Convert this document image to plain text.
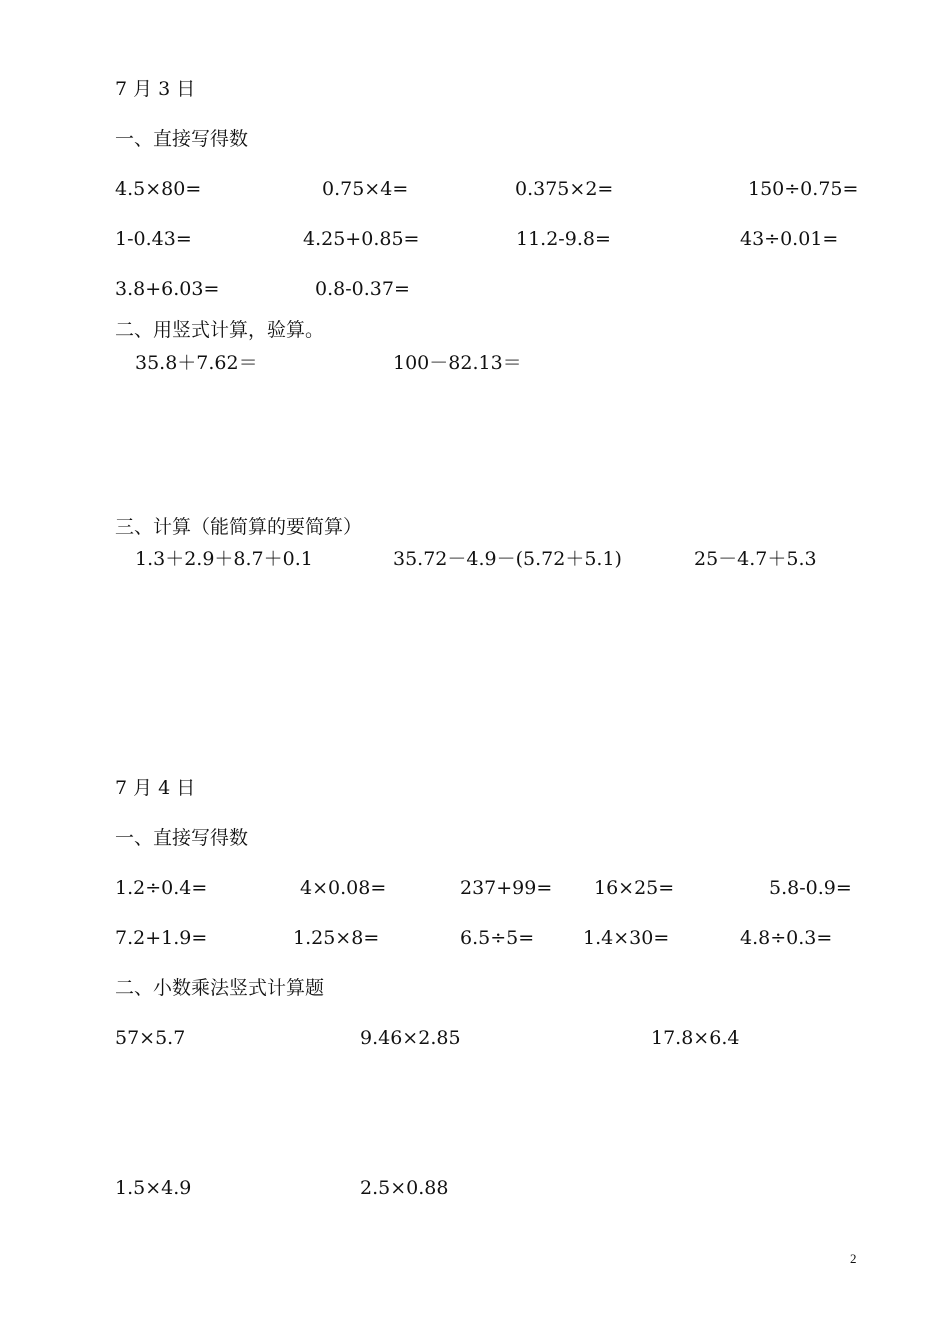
7 月 3 日
一、直接写得数
4.5×80=	0.75×4=	0.375×2=	150÷0.75=
1-0.43=	4.25+0.85=	11.2-9.8=	43÷0.01=
3.8+6.03=	0.8-0.37=
二、用竖式计算，验算。
35.8＋7.62＝	100－82.13＝
三、计算（能简算的要简算）
1.3＋2.9＋8.7＋0.1	35.72－4.9－(5.72＋5.1)	25－4.7＋5.3
7 月 4 日
一、直接写得数
1.2÷0.4=	4×0.08=	237+99= 16×25=	5.8-0.9=
7.2+1.9=	1.25×8=	6.5÷5=	1.4×30=	4.8÷0.3=
二、小数乘法竖式计算题
57×5.7	9.46×2.85	17.8×6.4
1.5×4.9	2.5×0.88
2
